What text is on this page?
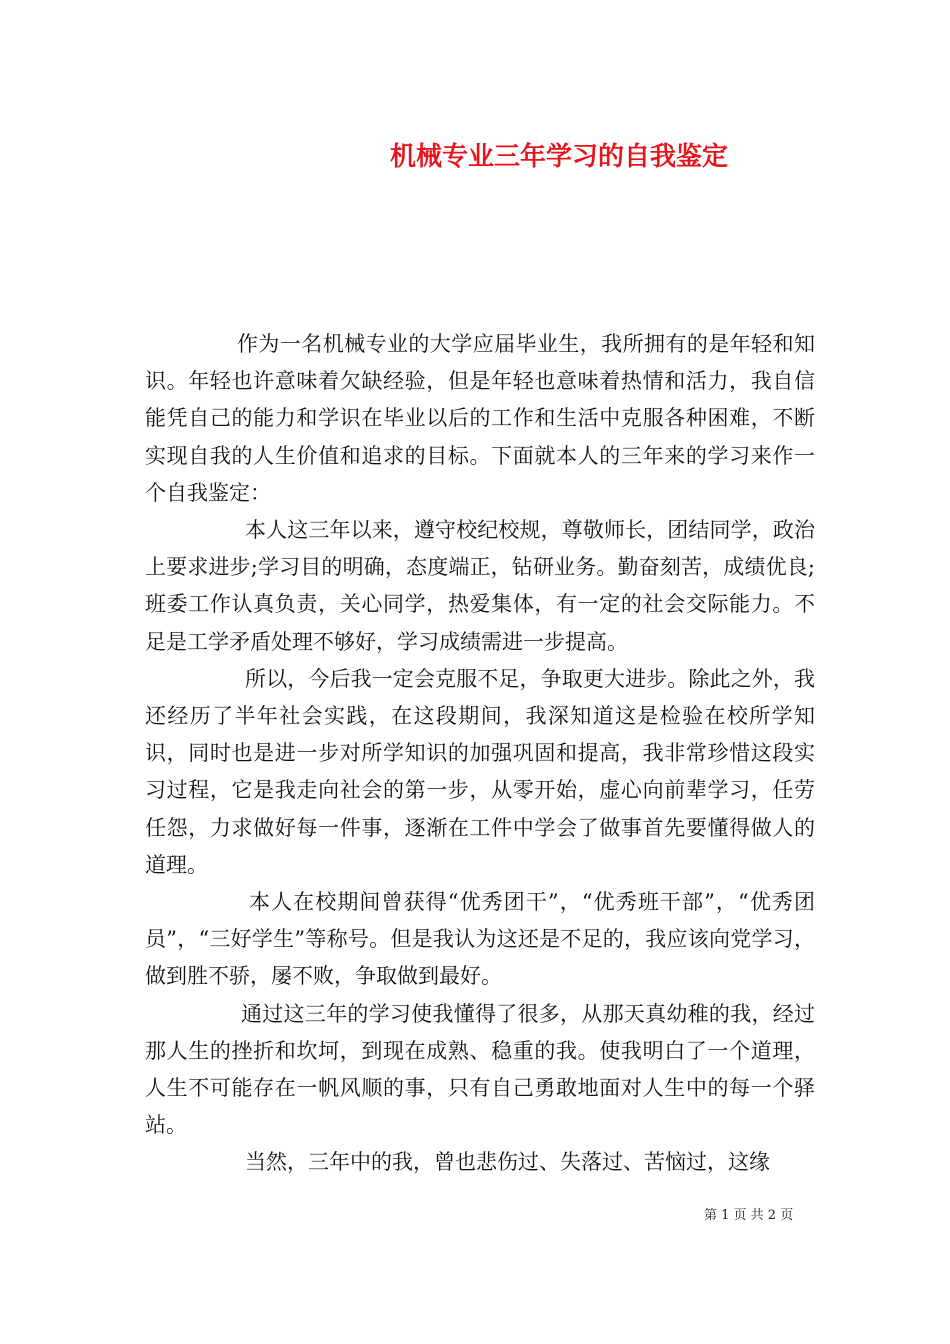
机械专业三年学习的自我鉴定

作为一名机械专业的大学应届毕业生，我所拥有的是年轻和知识。年轻也许意味着欠缺经验，但是年轻也意味着热情和活力，我自信能凭自己的能力和学识在毕业以后的工作和生活中克服各种困难，不断实现自我的人生价值和追求的目标。下面就本人的三年来的学习来作一个自我鉴定：

本人这三年以来，遵守校纪校规，尊敬师长，团结同学，政治上要求进步;学习目的明确，态度端正，钻研业务。勤奋刻苦，成绩优良;班委工作认真负责，关心同学，热爱集体，有一定的社会交际能力。不足是工学矛盾处理不够好，学习成绩需进一步提高。

所以，今后我一定会克服不足，争取更大进步。除此之外，我还经历了半年社会实践，在这段期间，我深知道这是检验在校所学知识，同时也是进一步对所学知识的加强巩固和提高，我非常珍惜这段实习过程，它是我走向社会的第一步，从零开始，虚心向前辈学习，任劳任怨，力求做好每一件事，逐渐在工件中学会了做事首先要懂得做人的道理。

本人在校期间曾获得“优秀团干”，“优秀班干部”，“优秀团员”，“三好学生”等称号。但是我认为这还是不足的，我应该向党学习，做到胜不骄，屡不败，争取做到最好。

通过这三年的学习使我懂得了很多，从那天真幼稚的我，经过那人生的挫折和坎坷，到现在成熟、稳重的我。使我明白了一个道理，人生不可能存在一帆风顺的事，只有自己勇敢地面对人生中的每一个驿站。

当然，三年中的我，曾也悲伤过、失落过、苦恼过，这缘

第 1 页 共 2 页
